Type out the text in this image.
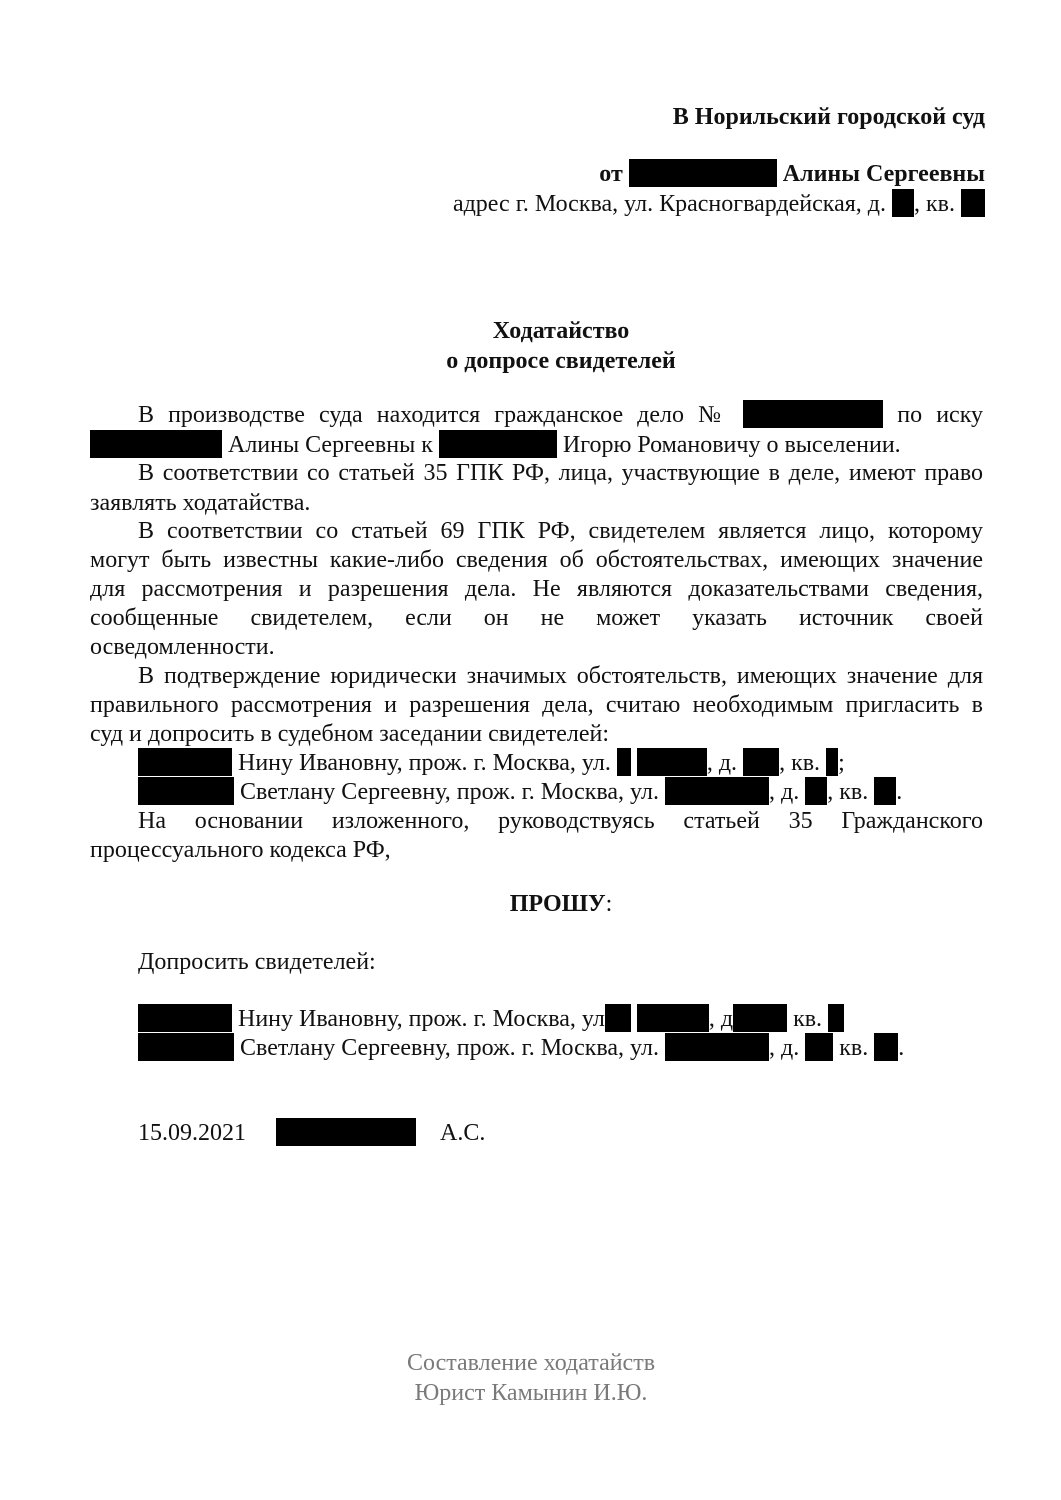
В Норильский городской суд
от	Алины Сергеевны
адрес г. Москва, ул. Красногвардейская, д. , кв.
Ходатайство
о допросе свидетелей
В производстве суда находится гражданское дело №	по иску
Алины Сергеевны к	Игорю Романовичу о выселении.
В соответствии со статьей 35 ГПК РФ, лица, участвующие в деле, имеют право
заявлять ходатайства.
В соответствии со статьей 69 ГПК РФ, свидетелем является лицо, которому
могут быть известны какие-либо сведения об обстоятельствах, имеющих значение
для рассмотрения и разрешения дела. Не являются доказательствами сведения,
сообщенные свидетелем, если он не может указать источник своей
осведомленности.
В подтверждение юридически значимых обстоятельств, имеющих значение для
правильного рассмотрения и разрешения дела, считаю необходимым пригласить в
суд и допросить в судебном заседании свидетелей:
Нину Ивановну, прож. г. Москва, ул.	, д. , кв. ;
Светлану Сергеевну, прож. г. Москва, ул.	, д. , кв. .
На основании изложенного, руководствуясь статьей 35 Гражданского
процессуального кодекса РФ,
ПРОШУ:
Допросить свидетелей:
Нину Ивановну, прож. г. Москва, ул	, д	кв.
Светлану Сергеевну, прож. г. Москва, ул.	, д. кв. .
15.09.2021	А.С.
Составление ходатайств
Юрист Камынин И.Ю.
